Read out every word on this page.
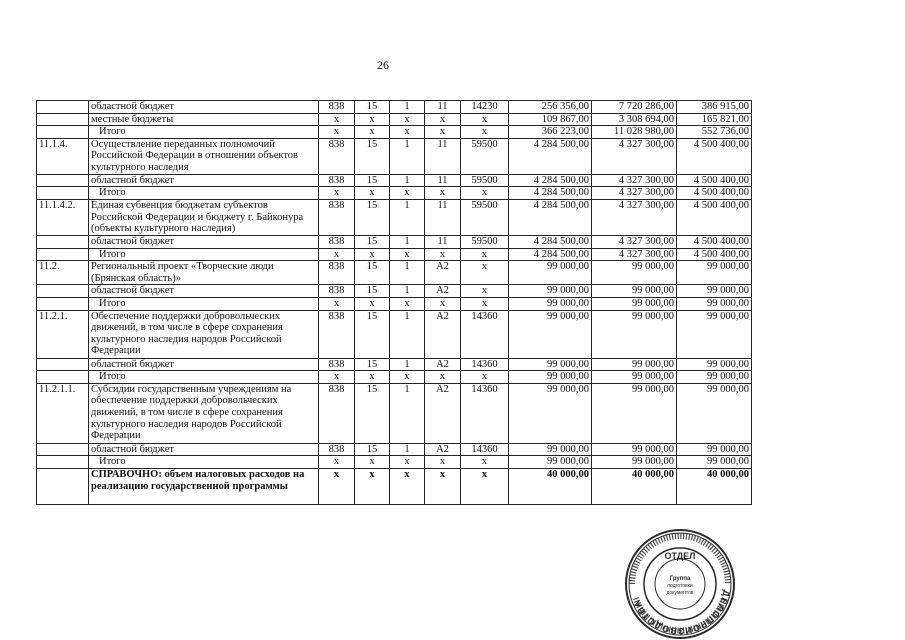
26
	областной бюджет	838	15	1	11	14230	256 356,00	7 720 286,00	386 915,00
	местные бюджеты	х	х	х	х	х	109 867,00	3 308 694,00	165 821,00
	Итого	х	х	х	х	х	366 223,00	11 028 980,00	552 736,00
11.1.4.	Осуществление переданных полномочий Российской Федерации в отношении объектов культурного наследия	838	15	1	11	59500	4 284 500,00	4 327 300,00	4 500 400,00
	областной бюджет	838	15	1	11	59500	4 284 500,00	4 327 300,00	4 500 400,00
	Итого	х	х	х	х	х	4 284 500,00	4 327 300,00	4 500 400,00
11.1.4.2.	Единая субвенция бюджетам субъектов Российской Федерации и бюджету г. Байконура (объекты культурного наследия)	838	15	1	11	59500	4 284 500,00	4 327 300,00	4 500 400,00
	областной бюджет	838	15	1	11	59500	4 284 500,00	4 327 300,00	4 500 400,00
	Итого	х	х	х	х	х	4 284 500,00	4 327 300,00	4 500 400,00
11.2.	Региональный проект «Творческие люди (Брянская область)»	838	15	1	A2	х	99 000,00	99 000,00	99 000,00
	областной бюджет	838	15	1	A2	х	99 000,00	99 000,00	99 000,00
	Итого	х	х	х	х	х	99 000,00	99 000,00	99 000,00
11.2.1.	Обеспечение поддержки добровольческих движений, в том числе в сфере сохранения культурного наследия народов Российской Федерации	838	15	1	A2	14360	99 000,00	99 000,00	99 000,00
	областной бюджет	838	15	1	A2	14360	99 000,00	99 000,00	99 000,00
	Итого	х	х	х	х	х	99 000,00	99 000,00	99 000,00
11.2.1.1.	Субсидии государственным учреждениям на обеспечение поддержки добровольческих движений, в том числе в сфере сохранения культурного наследия народов Российской Федерации	838	15	1	A2	14360	99 000,00	99 000,00	99 000,00
	областной бюджет	838	15	1	A2	14360	99 000,00	99 000,00	99 000,00
	Итого	х	х	х	х	х	99 000,00	99 000,00	99 000,00
	СПРАВОЧНО: объем налоговых расходов на реализацию государственной программы	х	х	х	х	х	40 000,00	40 000,00	40 000,00
ДЕЛОПРОИЗВОДСТВА
ОТДЕЛ
Группа
подготовки
документов
